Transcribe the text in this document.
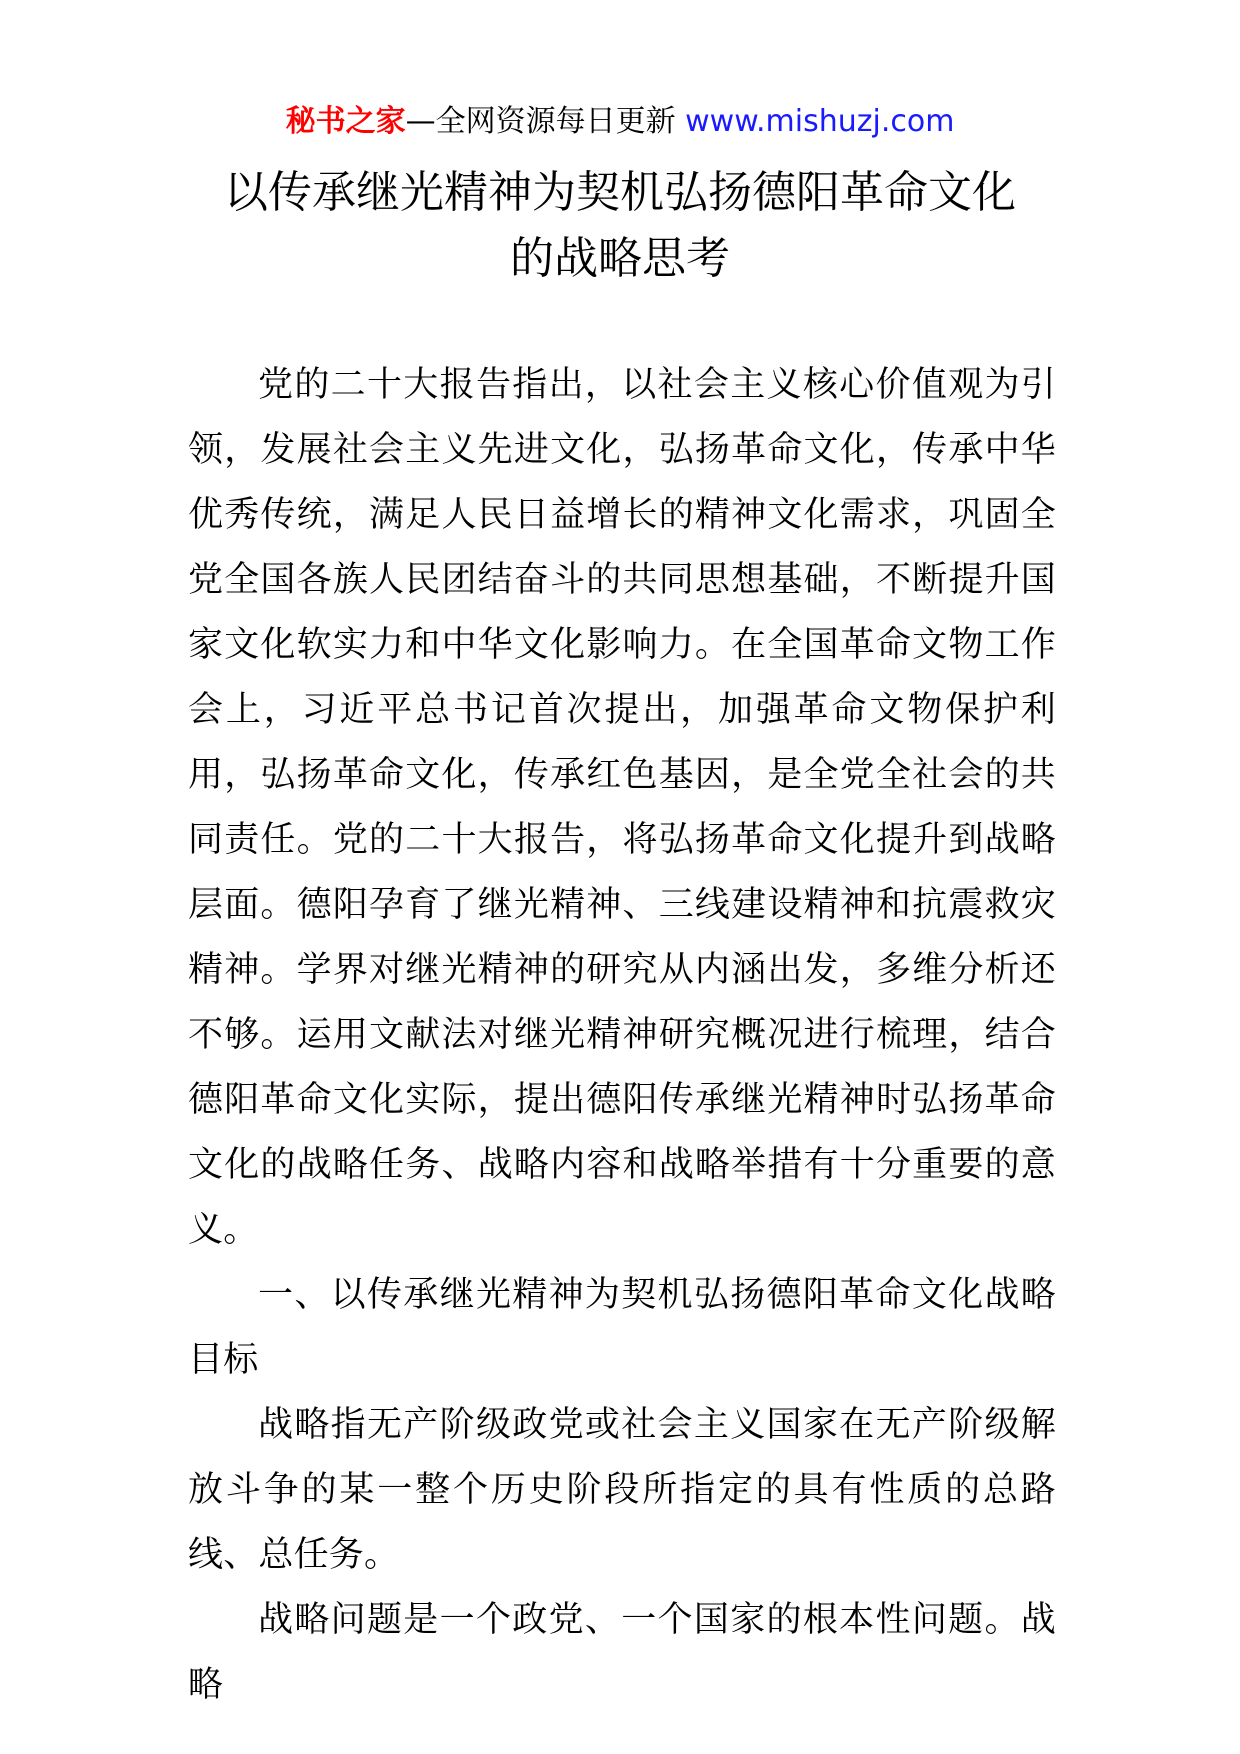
秘书之家—全网资源每日更新 www.mishuzj.com
以传承继光精神为契机弘扬德阳革命文化
的战略思考

党的二十大报告指出，以社会主义核心价值观为引领，发展社会主义先进文化，弘扬革命文化，传承中华优秀传统，满足人民日益增长的精神文化需求，巩固全党全国各族人民团结奋斗的共同思想基础，不断提升国家文化软实力和中华文化影响力。在全国革命文物工作会上，习近平总书记首次提出，加强革命文物保护利用，弘扬革命文化，传承红色基因，是全党全社会的共同责任。党的二十大报告，将弘扬革命文化提升到战略层面。德阳孕育了继光精神、三线建设精神和抗震救灾精神。学界对继光精神的研究从内涵出发，多维分析还不够。运用文献法对继光精神研究概况进行梳理，结合德阳革命文化实际，提出德阳传承继光精神时弘扬革命文化的战略任务、战略内容和战略举措有十分重要的意义。

一、以传承继光精神为契机弘扬德阳革命文化战略目标

战略指无产阶级政党或社会主义国家在无产阶级解放斗争的某一整个历史阶段所指定的具有性质的总路线、总任务。

战略问题是一个政党、一个国家的根本性问题。战略
